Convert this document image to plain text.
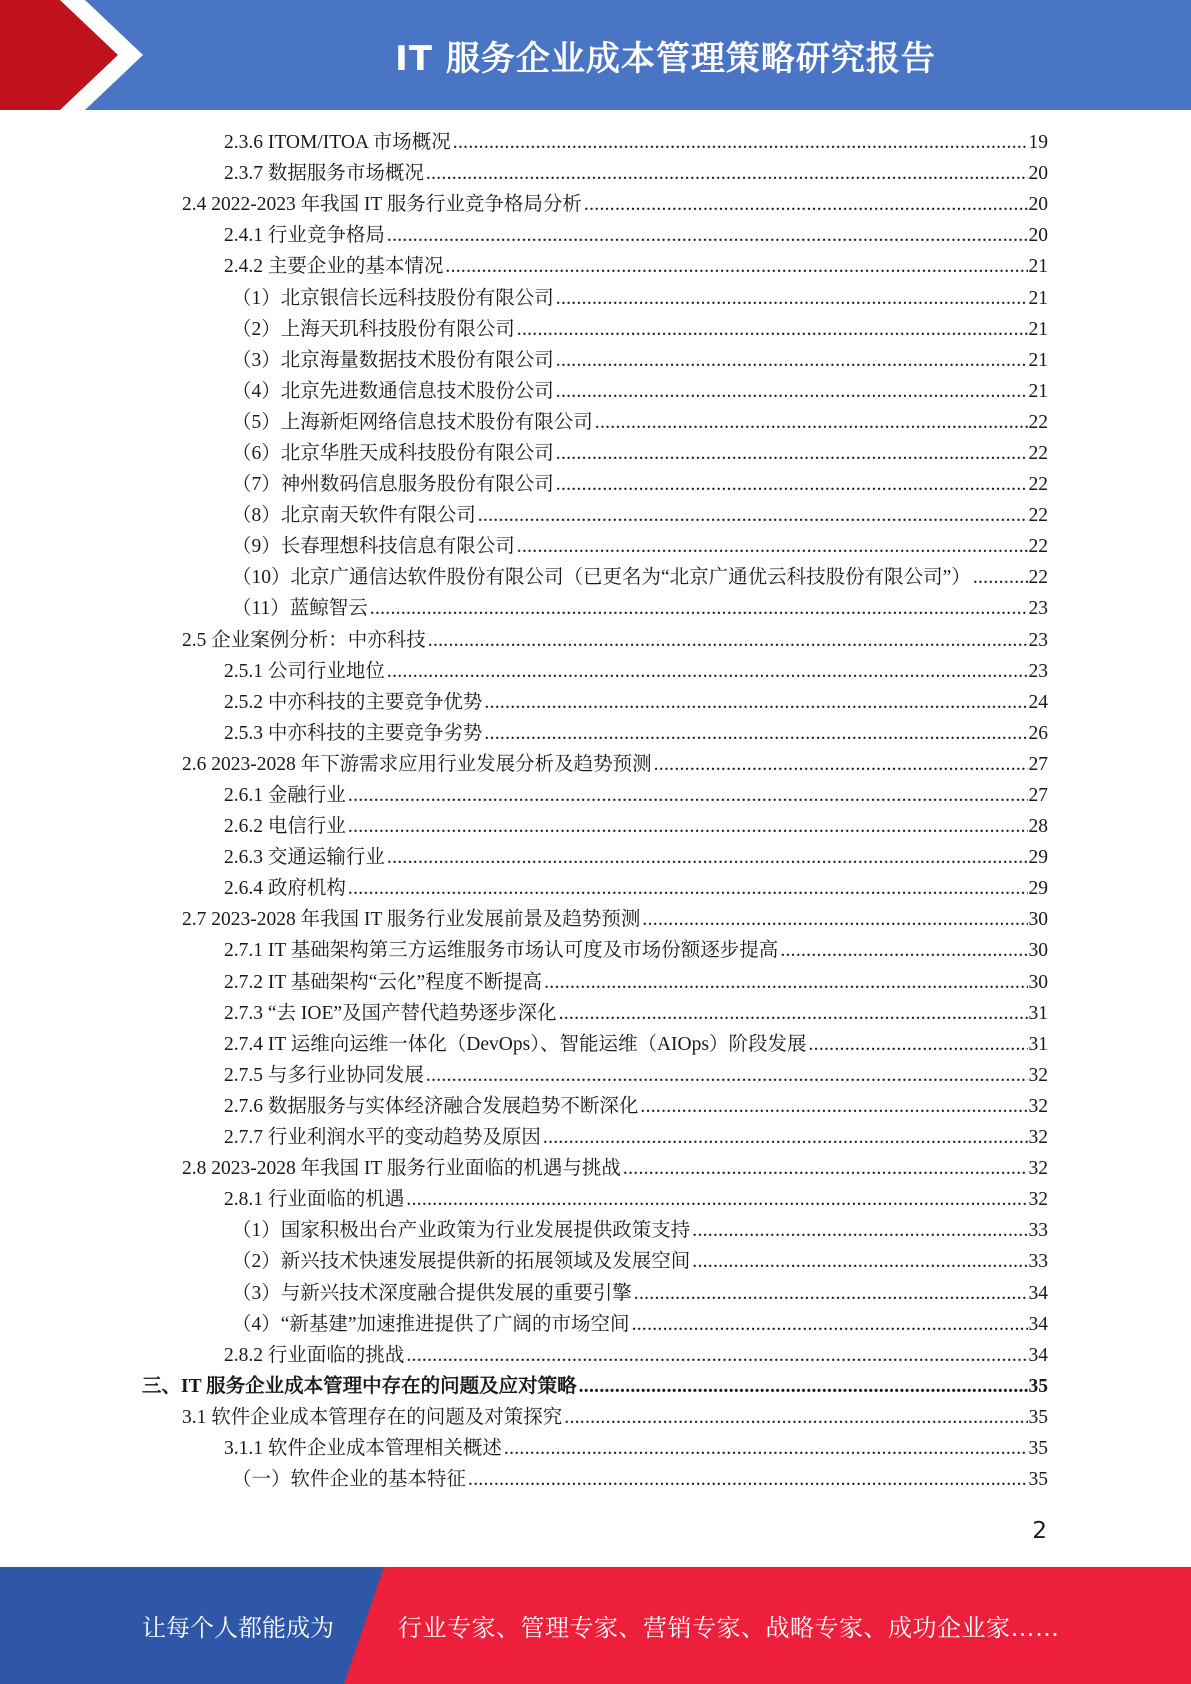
IT 服务企业成本管理策略研究报告
2.3.6 ITOM/ITOA 市场概况 .....	19
2.3.7 数据服务市场概况 .....	20
2.4 2022-2023 年我国 IT 服务行业竞争格局分析 .....	20
2.4.1 行业竞争格局 .....	20
2.4.2 主要企业的基本情况 .....	21
（1）北京银信长远科技股份有限公司 .....	21
（2）上海天玑科技股份有限公司 .....	21
（3）北京海量数据技术股份有限公司 .....	21
（4）北京先进数通信息技术股份公司 .....	21
（5）上海新炬网络信息技术股份有限公司 .....	22
（6）北京华胜天成科技股份有限公司 .....	22
（7）神州数码信息服务股份有限公司 .....	22
（8）北京南天软件有限公司 .....	22
（9）长春理想科技信息有限公司 .....	22
（10）北京广通信达软件股份有限公司（已更名为“北京广通优云科技股份有限公司”） .....	22
（11）蓝鲸智云 .....	23
2.5 企业案例分析：中亦科技 .....	23
2.5.1 公司行业地位 .....	23
2.5.2 中亦科技的主要竞争优势 .....	24
2.5.3 中亦科技的主要竞争劣势 .....	26
2.6 2023-2028 年下游需求应用行业发展分析及趋势预测 .....	27
2.6.1 金融行业 .....	27
2.6.2 电信行业 .....	28
2.6.3 交通运输行业 .....	29
2.6.4 政府机构 .....	29
2.7 2023-2028 年我国 IT 服务行业发展前景及趋势预测 .....	30
2.7.1 IT 基础架构第三方运维服务市场认可度及市场份额逐步提高 .....	30
2.7.2 IT 基础架构“云化”程度不断提高 .....	30
2.7.3 “去 IOE”及国产替代趋势逐步深化 .....	31
2.7.4 IT 运维向运维一体化（DevOps）、智能运维（AIOps）阶段发展 .....	31
2.7.5 与多行业协同发展 .....	32
2.7.6 数据服务与实体经济融合发展趋势不断深化 .....	32
2.7.7 行业利润水平的变动趋势及原因 .....	32
2.8 2023-2028 年我国 IT 服务行业面临的机遇与挑战 .....	32
2.8.1 行业面临的机遇 .....	32
（1）国家积极出台产业政策为行业发展提供政策支持 .....	33
（2）新兴技术快速发展提供新的拓展领域及发展空间 .....	33
（3）与新兴技术深度融合提供发展的重要引擎 .....	34
（4）“新基建”加速推进提供了广阔的市场空间 .....	34
2.8.2 行业面临的挑战 .....	34
三、IT 服务企业成本管理中存在的问题及应对策略 .....	35
3.1 软件企业成本管理存在的问题及对策探究 .....	35
3.1.1 软件企业成本管理相关概述 .....	35
（一）软件企业的基本特征 .....	35
2
让每个人都能成为	行业专家、管理专家、营销专家、战略专家、成功企业家……
